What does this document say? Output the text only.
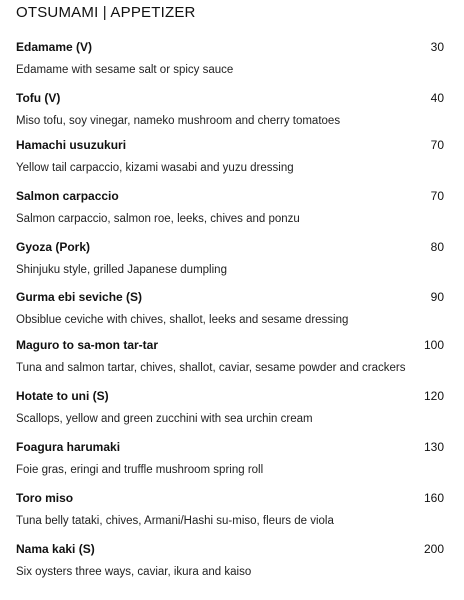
OTSUMAMI | APPETIZER
Edamame (V)	30
Edamame with sesame salt or spicy sauce
Tofu (V)	40
Miso tofu, soy vinegar, nameko mushroom and cherry tomatoes
Hamachi usuzukuri	70
Yellow tail carpaccio, kizami wasabi and yuzu dressing
Salmon carpaccio	70
Salmon carpaccio, salmon roe, leeks, chives and ponzu
Gyoza (Pork)	80
Shinjuku style, grilled Japanese dumpling
Gurma ebi seviche (S)	90
Obsiblue ceviche with chives, shallot, leeks and sesame dressing
Maguro to sa-mon tar-tar	100
Tuna and salmon tartar, chives, shallot, caviar, sesame powder and crackers
Hotate to uni (S)	120
Scallops, yellow and green zucchini with sea urchin cream
Foagura harumaki	130
Foie gras, eringi and truffle mushroom spring roll
Toro miso	160
Tuna belly tataki, chives, Armani/Hashi su-miso, fleurs de viola
Nama kaki (S)	200
Six oysters three ways, caviar, ikura and kaiso
